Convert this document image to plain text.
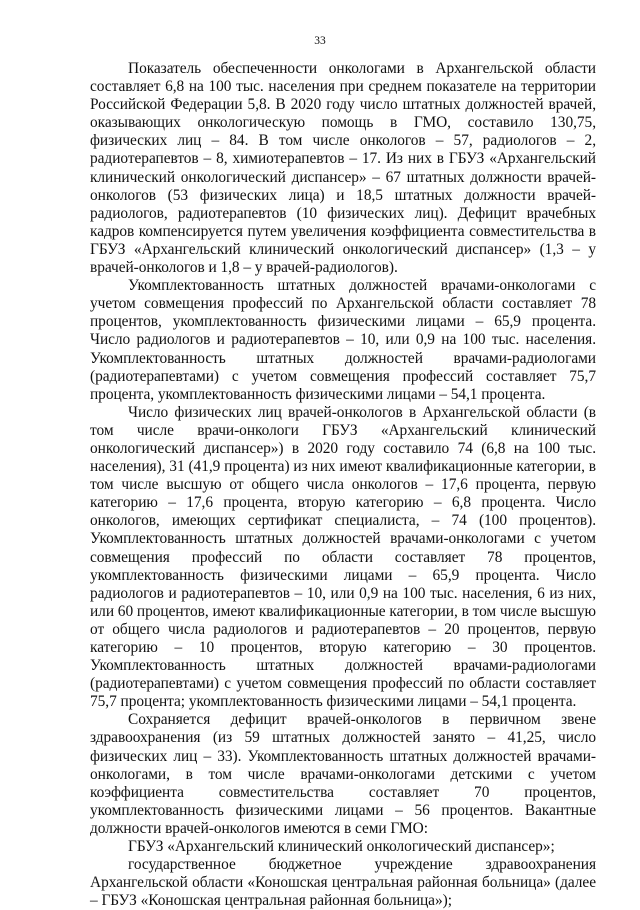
33

Показатель обеспеченности онкологами в Архангельской области составляет 6,8 на 100 тыс. населения при среднем показателе на территории Российской Федерации 5,8. В 2020 году число штатных должностей врачей, оказывающих онкологическую помощь в ГМО, составило 130,75, физических лиц – 84. В том числе онкологов – 57, радиологов – 2, радиотерапевтов – 8, химиотерапевтов – 17. Из них в ГБУЗ «Архангельский клинический онкологический диспансер» – 67 штатных должности врачей-онкологов (53 физических лица) и 18,5 штатных должности врачей-радиологов, радиотерапевтов (10 физических лиц). Дефицит врачебных кадров компенсируется путем увеличения коэффициента совместительства в ГБУЗ «Архангельский клинический онкологический диспансер» (1,3 – у врачей-онкологов и 1,8 – у врачей-радиологов).

Укомплектованность штатных должностей врачами-онкологами с учетом совмещения профессий по Архангельской области составляет 78 процентов, укомплектованность физическими лицами – 65,9 процента. Число радиологов и радиотерапевтов – 10, или 0,9 на 100 тыс. населения. Укомплектованность штатных должностей врачами-радиологами (радиотерапевтами) с учетом совмещения профессий составляет 75,7 процента, укомплектованность физическими лицами – 54,1 процента.

Число физических лиц врачей-онкологов в Архангельской области (в том числе врачи-онкологи ГБУЗ «Архангельский клинический онкологический диспансер») в 2020 году составило 74 (6,8 на 100 тыс. населения), 31 (41,9 процента) из них имеют квалификационные категории, в том числе высшую от общего числа онкологов – 17,6 процента, первую категорию – 17,6 процента, вторую категорию – 6,8 процента. Число онкологов, имеющих сертификат специалиста, – 74 (100 процентов). Укомплектованность штатных должностей врачами-онкологами с учетом совмещения профессий по области составляет 78 процентов, укомплектованность физическими лицами – 65,9 процента. Число радиологов и радиотерапевтов – 10, или 0,9 на 100 тыс. населения, 6 из них, или 60 процентов, имеют квалификационные категории, в том числе высшую от общего числа радиологов и радиотерапевтов – 20 процентов, первую категорию – 10 процентов, вторую категорию – 30 процентов. Укомплектованность штатных должностей врачами-радиологами (радиотерапевтами) с учетом совмещения профессий по области составляет 75,7 процента; укомплектованность физическими лицами – 54,1 процента.

Сохраняется дефицит врачей-онкологов в первичном звене здравоохранения (из 59 штатных должностей занято – 41,25, число физических лиц – 33). Укомплектованность штатных должностей врачами-онкологами, в том числе врачами-онкологами детскими с учетом коэффициента совместительства составляет 70 процентов, укомплектованность физическими лицами – 56 процентов. Вакантные должности врачей-онкологов имеются в семи ГМО:

ГБУЗ «Архангельский клинический онкологический диспансер»;

государственное бюджетное учреждение здравоохранения Архангельской области «Коношская центральная районная больница» (далее – ГБУЗ «Коношская центральная районная больница»);
